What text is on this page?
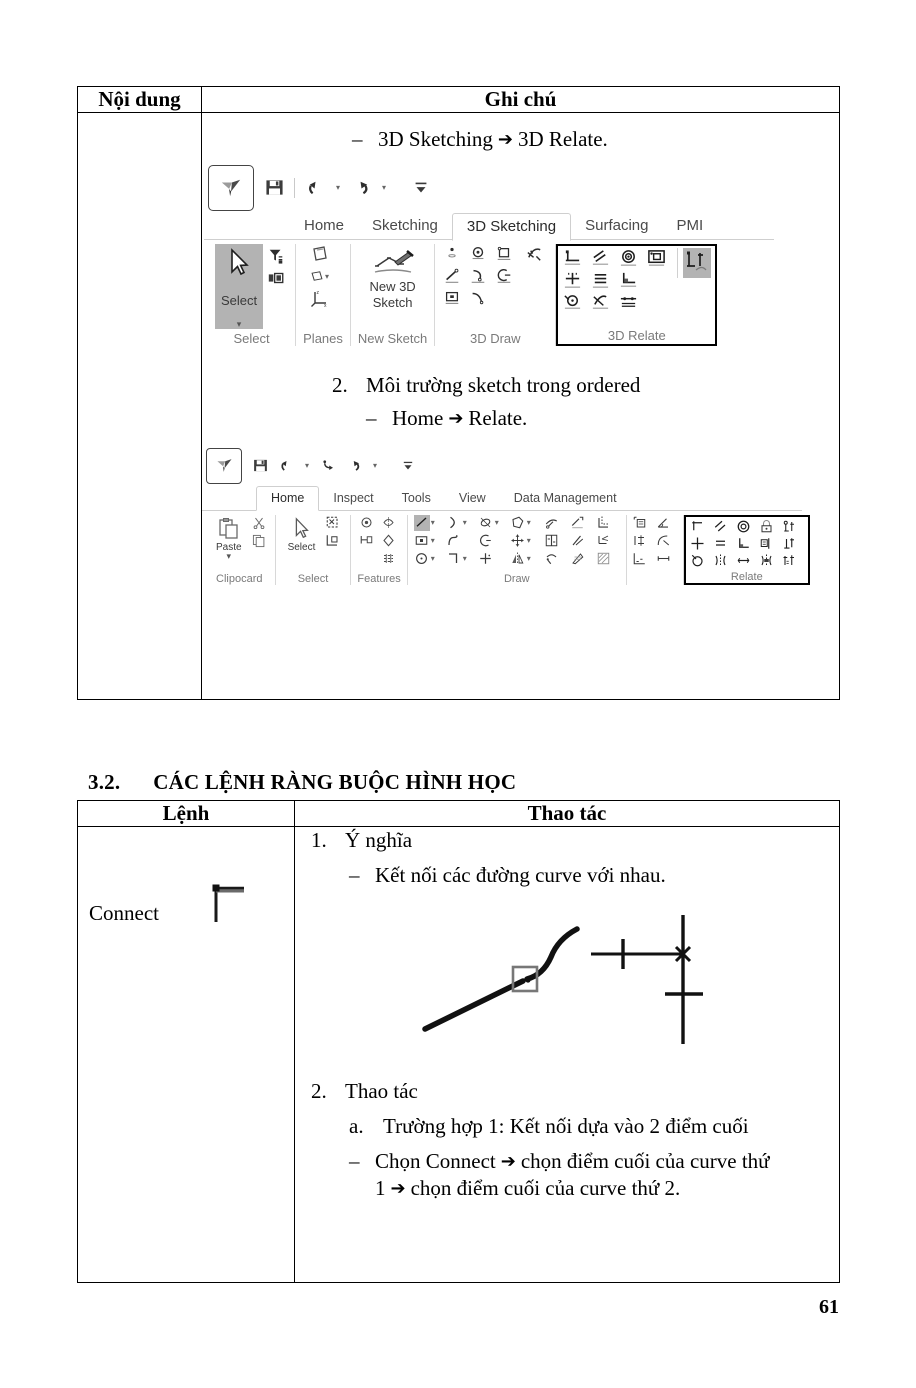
Nội dung	Ghi chú

– 3D Sketching ➔ 3D Relate.
▾	▾
Home	Sketching	3D Sketching	Surfacing	PMI
Select
▾
Select
▾
z
x
Planes
New 3D
Sketch
New Sketch	3D Draw	3D Relate
2. Môi trường sketch trong ordered
– Home ➔ Relate.
▾	▾
Home	Inspect	Tools	View	Data Management
Paste
▾
Clipocard
Select
Select	Features
▾	▾	▾	▾
▾	▾
▾	▾	▾
Draw
	Relate
3.2. CÁC LỆNH RÀNG BUỘC HÌNH HỌC
Lệnh	Thao tác

Connect

1. Ý nghĩa
– Kết nối các đường curve với nhau.
2. Thao tác
a. Trường hợp 1: Kết nối dựa vào 2 điểm cuối
– Chọn Connect ➔ chọn điểm cuối của curve thứ 1 ➔ chọn điểm cuối của curve thứ 2.
61
